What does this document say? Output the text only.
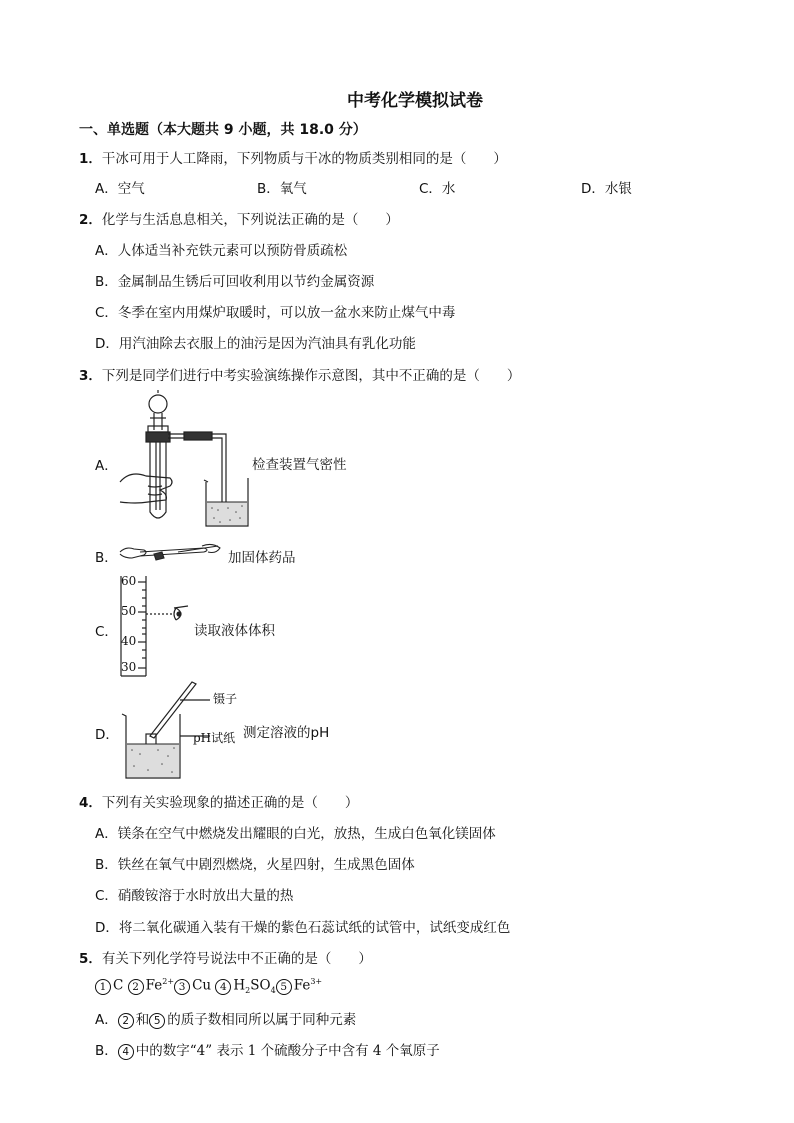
中考化学模拟试卷
一、单选题（本大题共 9 小题，共 18.0 分）
1．干冰可用于人工降雨，下列物质与干冰的物质类别相同的是（　　）
A．空气	B．氧气	C．水	D．水银
2．化学与生活息息相关，下列说法正确的是（　　）
A．人体适当补充铁元素可以预防骨质疏松
B．金属制品生锈后可回收利用以节约金属资源
C．冬季在室内用煤炉取暖时，可以放一盆水来防止煤气中毒
D．用汽油除去衣服上的油污是因为汽油具有乳化功能
3．下列是同学们进行中考实验演练操作示意图，其中不正确的是（　　）
A．	检查装置气密性
B．	加固体药品
C．
60
50
40
30
读取液体体积
D．
镊子
pH试纸 测定溶液的pH
4．下列有关实验现象的描述正确的是（　　）
A．镁条在空气中燃烧发出耀眼的白光，放热，生成白色氧化镁固体
B．铁丝在氧气中剧烈燃烧，火星四射，生成黑色固体
C．硝酸铵溶于水时放出大量的热
D．将二氧化碳通入装有干燥的紫色石蕊试纸的试管中，试纸变成红色
5．有关下列化学符号说法中不正确的是（　　）
1 C 2 $Fe^{2+}$ 3 Cu 4 $H_2SO_4$ 5 $Fe^{3+}$
A． 2 和 5 的质子数相同所以属于同种元素
B． 4 中的数字“4” 表示 1 个硫酸分子中含有 4 个氧原子
